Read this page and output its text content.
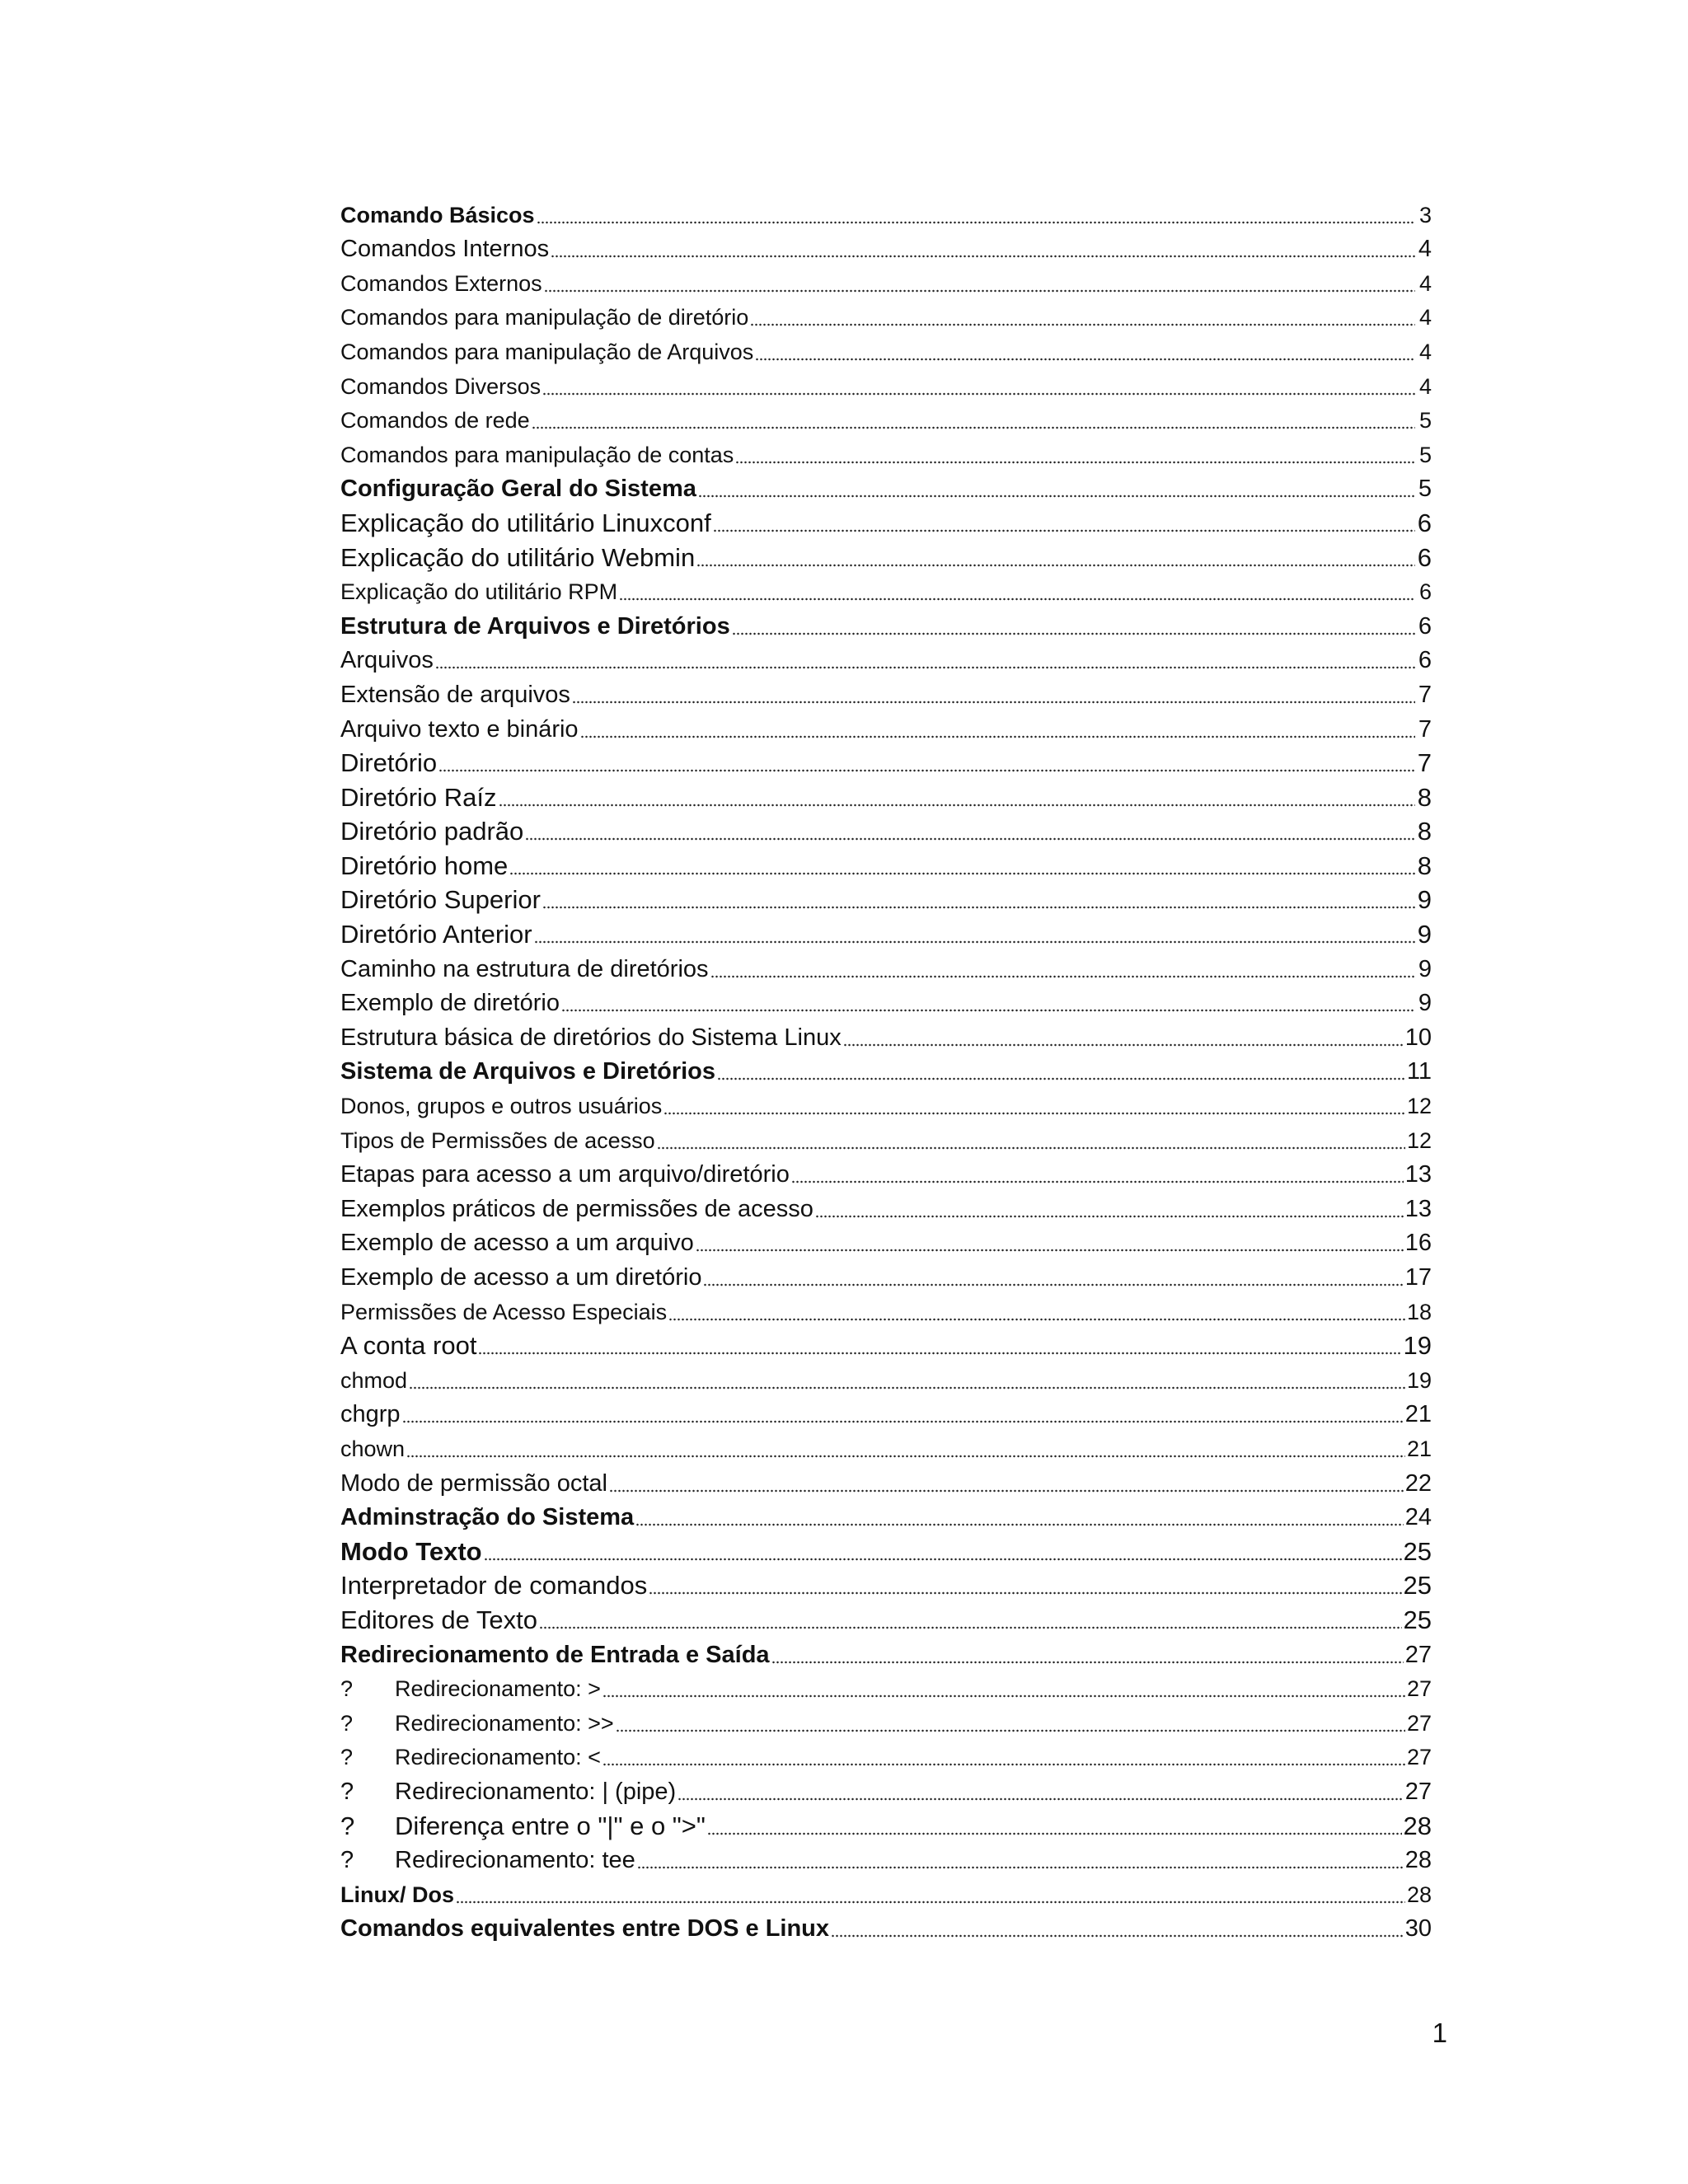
Comando Básicos	3
Comandos Internos	4
Comandos Externos	4
Comandos para manipulação de diretório	4
Comandos para manipulação de Arquivos	4
Comandos Diversos	4
Comandos de rede	5
Comandos para manipulação de contas	5
Configuração Geral do Sistema	5
Explicação do utilitário Linuxconf	6
Explicação do utilitário Webmin	6
Explicação do utilitário RPM	6
Estrutura de Arquivos e Diretórios	6
Arquivos	6
Extensão de arquivos	7
Arquivo texto e binário	7
Diretório	7
Diretório Raíz	8
Diretório padrão	8
Diretório home	8
Diretório Superior	9
Diretório Anterior	9
Caminho na estrutura de diretórios	9
Exemplo de diretório	9
Estrutura básica de diretórios do Sistema Linux	10
Sistema de Arquivos e Diretórios	11
Donos, grupos e outros usuários	12
Tipos de Permissões de acesso	12
Etapas para acesso a um arquivo/diretório	13
Exemplos práticos de permissões de acesso	13
Exemplo de acesso a um arquivo	16
Exemplo de acesso a um diretório	17
Permissões de Acesso Especiais	18
A conta root	19
chmod	19
chgrp	21
chown	21
Modo de permissão octal	22
Adminstração do Sistema	24
Modo Texto	25
Interpretador de comandos	25
Editores de Texto	25
Redirecionamento de Entrada e Saída	27
?	Redirecionamento: >	27
?	Redirecionamento: >>	27
?	Redirecionamento: <	27
?	Redirecionamento: | (pipe)	27
?	Diferença entre o "|" e o ">"	28
?	Redirecionamento: tee	28
Linux/ Dos	28
Comandos equivalentes entre DOS e Linux	30
1
